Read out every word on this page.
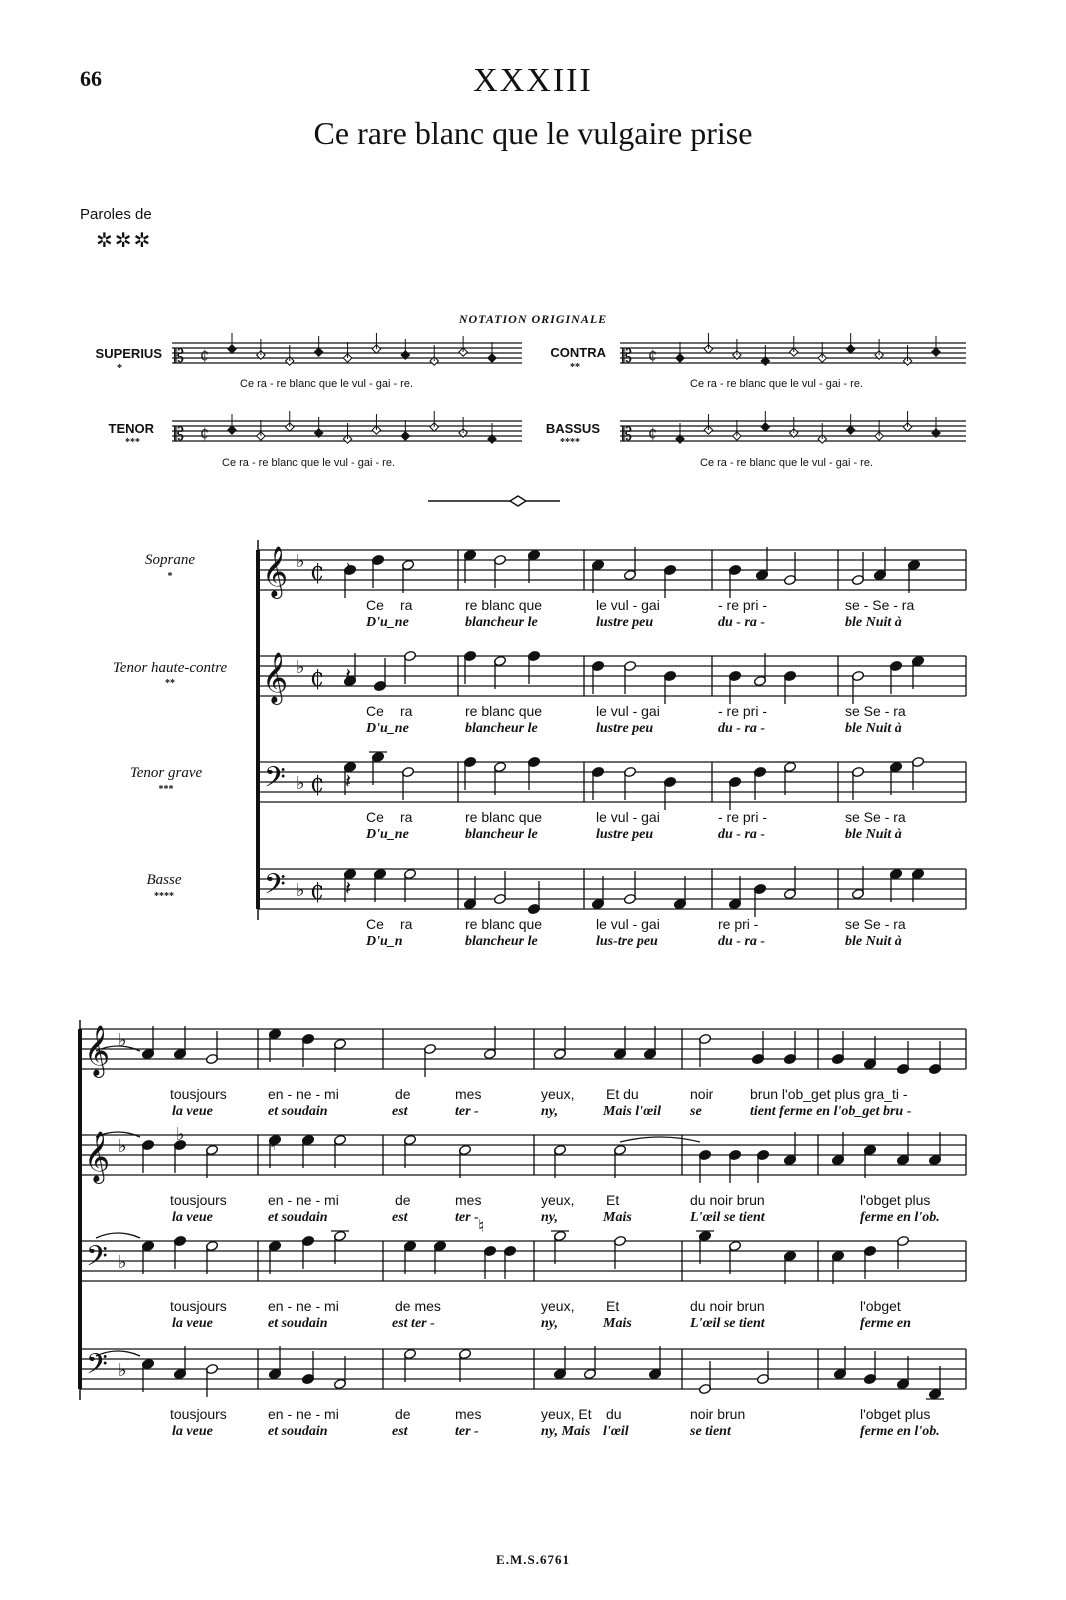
66	XXXIII
Ce rare blanc que le vulgaire prise
Paroles de
✲✲✲
NOTATION ORIGINALE
SUPERIUS
*
Ce ra - re blanc que le vul - gai - re.
CONTRA
**
Ce ra - re blanc que le vul - gai - re.
TENOR
***
Ce ra - re blanc que le vul - gai - re.
BASSUS
****
Ce ra - re blanc que le vul - gai - re.
Soprane
*
Tenor haute-contre
**
Tenor grave
***
Basse
****
Ce ra	re blanc que	le vul - gai	- re pri -	se - Se - ra
D'u_ne	blancheur le	lustre peu	du - ra -	ble Nuit à
Ce ra	re blanc que	le vul - gai	- re pri -	se Se - ra
D'u_ne	blancheur le	lustre peu	du - ra -	ble Nuit à
Ce ra	re blanc que	le vul - gai	- re pri -	se Se - ra
D'u_ne	blancheur le	lustre peu	du - ra -	ble Nuit à
Ce ra	re blanc que	le vul - gai	re pri -	se Se - ra
D'u_n	blancheur le	lus-tre peu	du - ra -	ble Nuit à
tousjours	en - ne - mi	de	mes	yeux, Et du	noir	brun l'ob_get plus gra_ti -
la veue	et soudain	est	ter -	ny,	Mais l'œil se	tient ferme en l'ob_get bru -
tousjours	en - ne - mi	de	mes	yeux, Et	du noir brun	l'obget plus
la veue	et soudain	est	ter -	ny,	Mais	L'œil se tient	ferme en l'ob.
tousjours	en - ne - mi	de mes	yeux, Et	du noir brun	l'obget
la veue	et soudain	est ter -	ny,	Mais	L'œil se tient	ferme en
tousjours	en - ne - mi	de	mes	yeux, Et du	noir brun	l'obget plus
la veue	et soudain	est	ter -	ny, Mais l'œil	se tient	ferme en l'ob.
𝄡 ₵	𝄡 ₵
𝄡 ₵	𝄡 ₵
𝄞 ♭ ₵
𝄞 ♭ ₵
𝄢 ♭ ₵
𝄢 ♭ ₵
𝄽
𝄽
𝄽
𝄽
𝄞 ♭
𝄞 ♭
𝄢 ♭
𝄢 ♭
♭	♮
♮
E.M.S.6761
